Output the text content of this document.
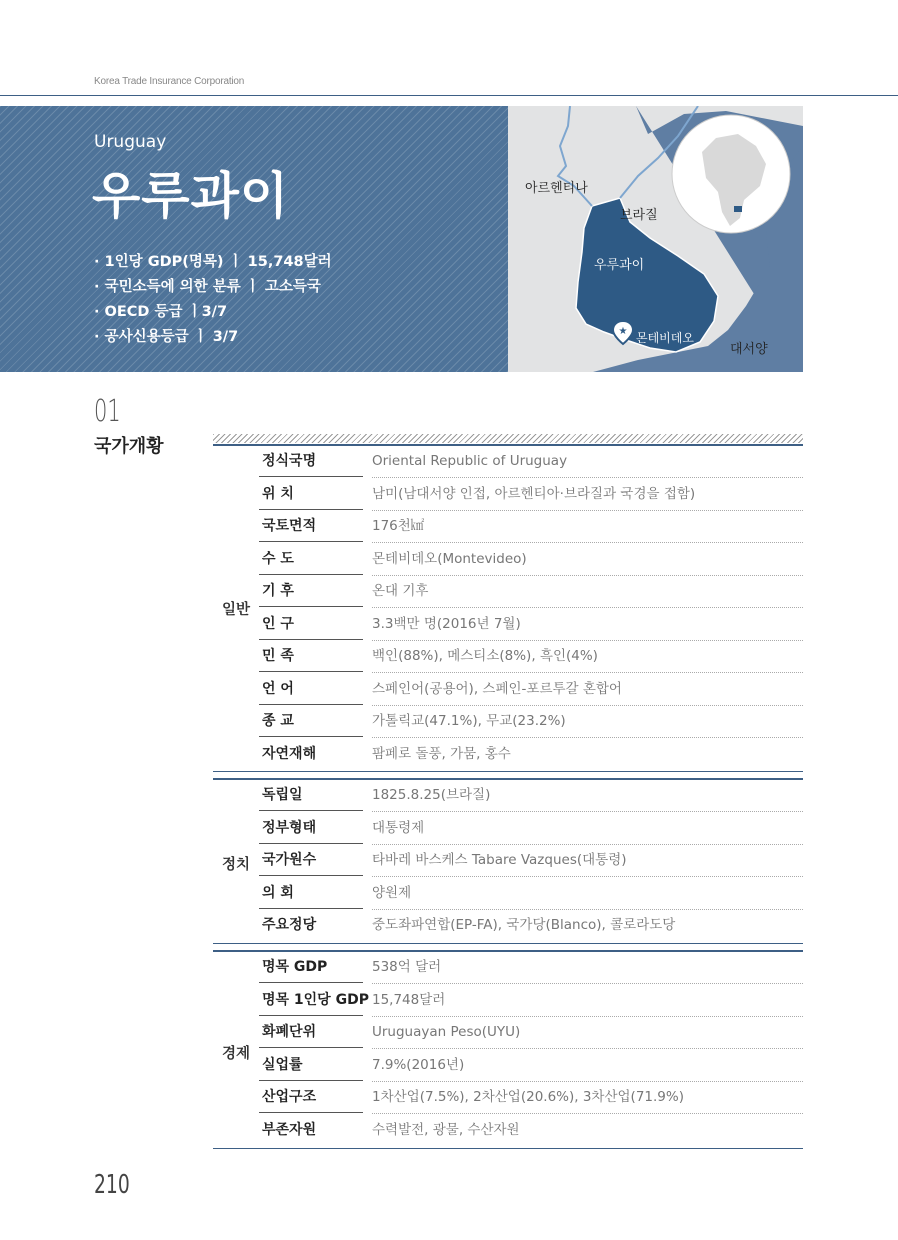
Korea Trade Insurance Corporation
Uruguay
우루과이
· 1인당 GDP(명목) ㅣ 15,748달러
· 국민소득에 의한 분류 ㅣ 고소득국
· OECD 등급 ㅣ3/7
· 공사신용등급 ㅣ 3/7	★
아르헨티나
브라질
우루과이
몬테비데오
대서양
01
국가개황
일반
정식국명	Oriental Republic of Uruguay
위 치	남미(남대서양 인접, 아르헨티아·브라질과 국경을 접함)
국토면적	176천㎢
수 도	몬테비데오(Montevideo)
기 후	온대 기후
인 구	3.3백만 명(2016년 7월)
민 족	백인(88%), 메스티소(8%), 흑인(4%)
언 어	스페인어(공용어), 스페인-포르투갈 혼합어
종 교	가톨릭교(47.1%), 무교(23.2%)
자연재해	팜페로 돌풍, 가뭄, 홍수
정치
독립일	1825.8.25(브라질)
정부형태	대통령제
국가원수	타바레 바스케스 Tabare Vazques(대통령)
의 회	양원제
주요정당	중도좌파연합(EP-FA), 국가당(Blanco), 콜로라도당
경제
명목 GDP	538억 달러
명목 1인당 GDP 15,748달러
화폐단위	Uruguayan Peso(UYU)
실업률	7.9%(2016년)
산업구조	1차산업(7.5%), 2차산업(20.6%), 3차산업(71.9%)
부존자원	수력발전, 광물, 수산자원
210
